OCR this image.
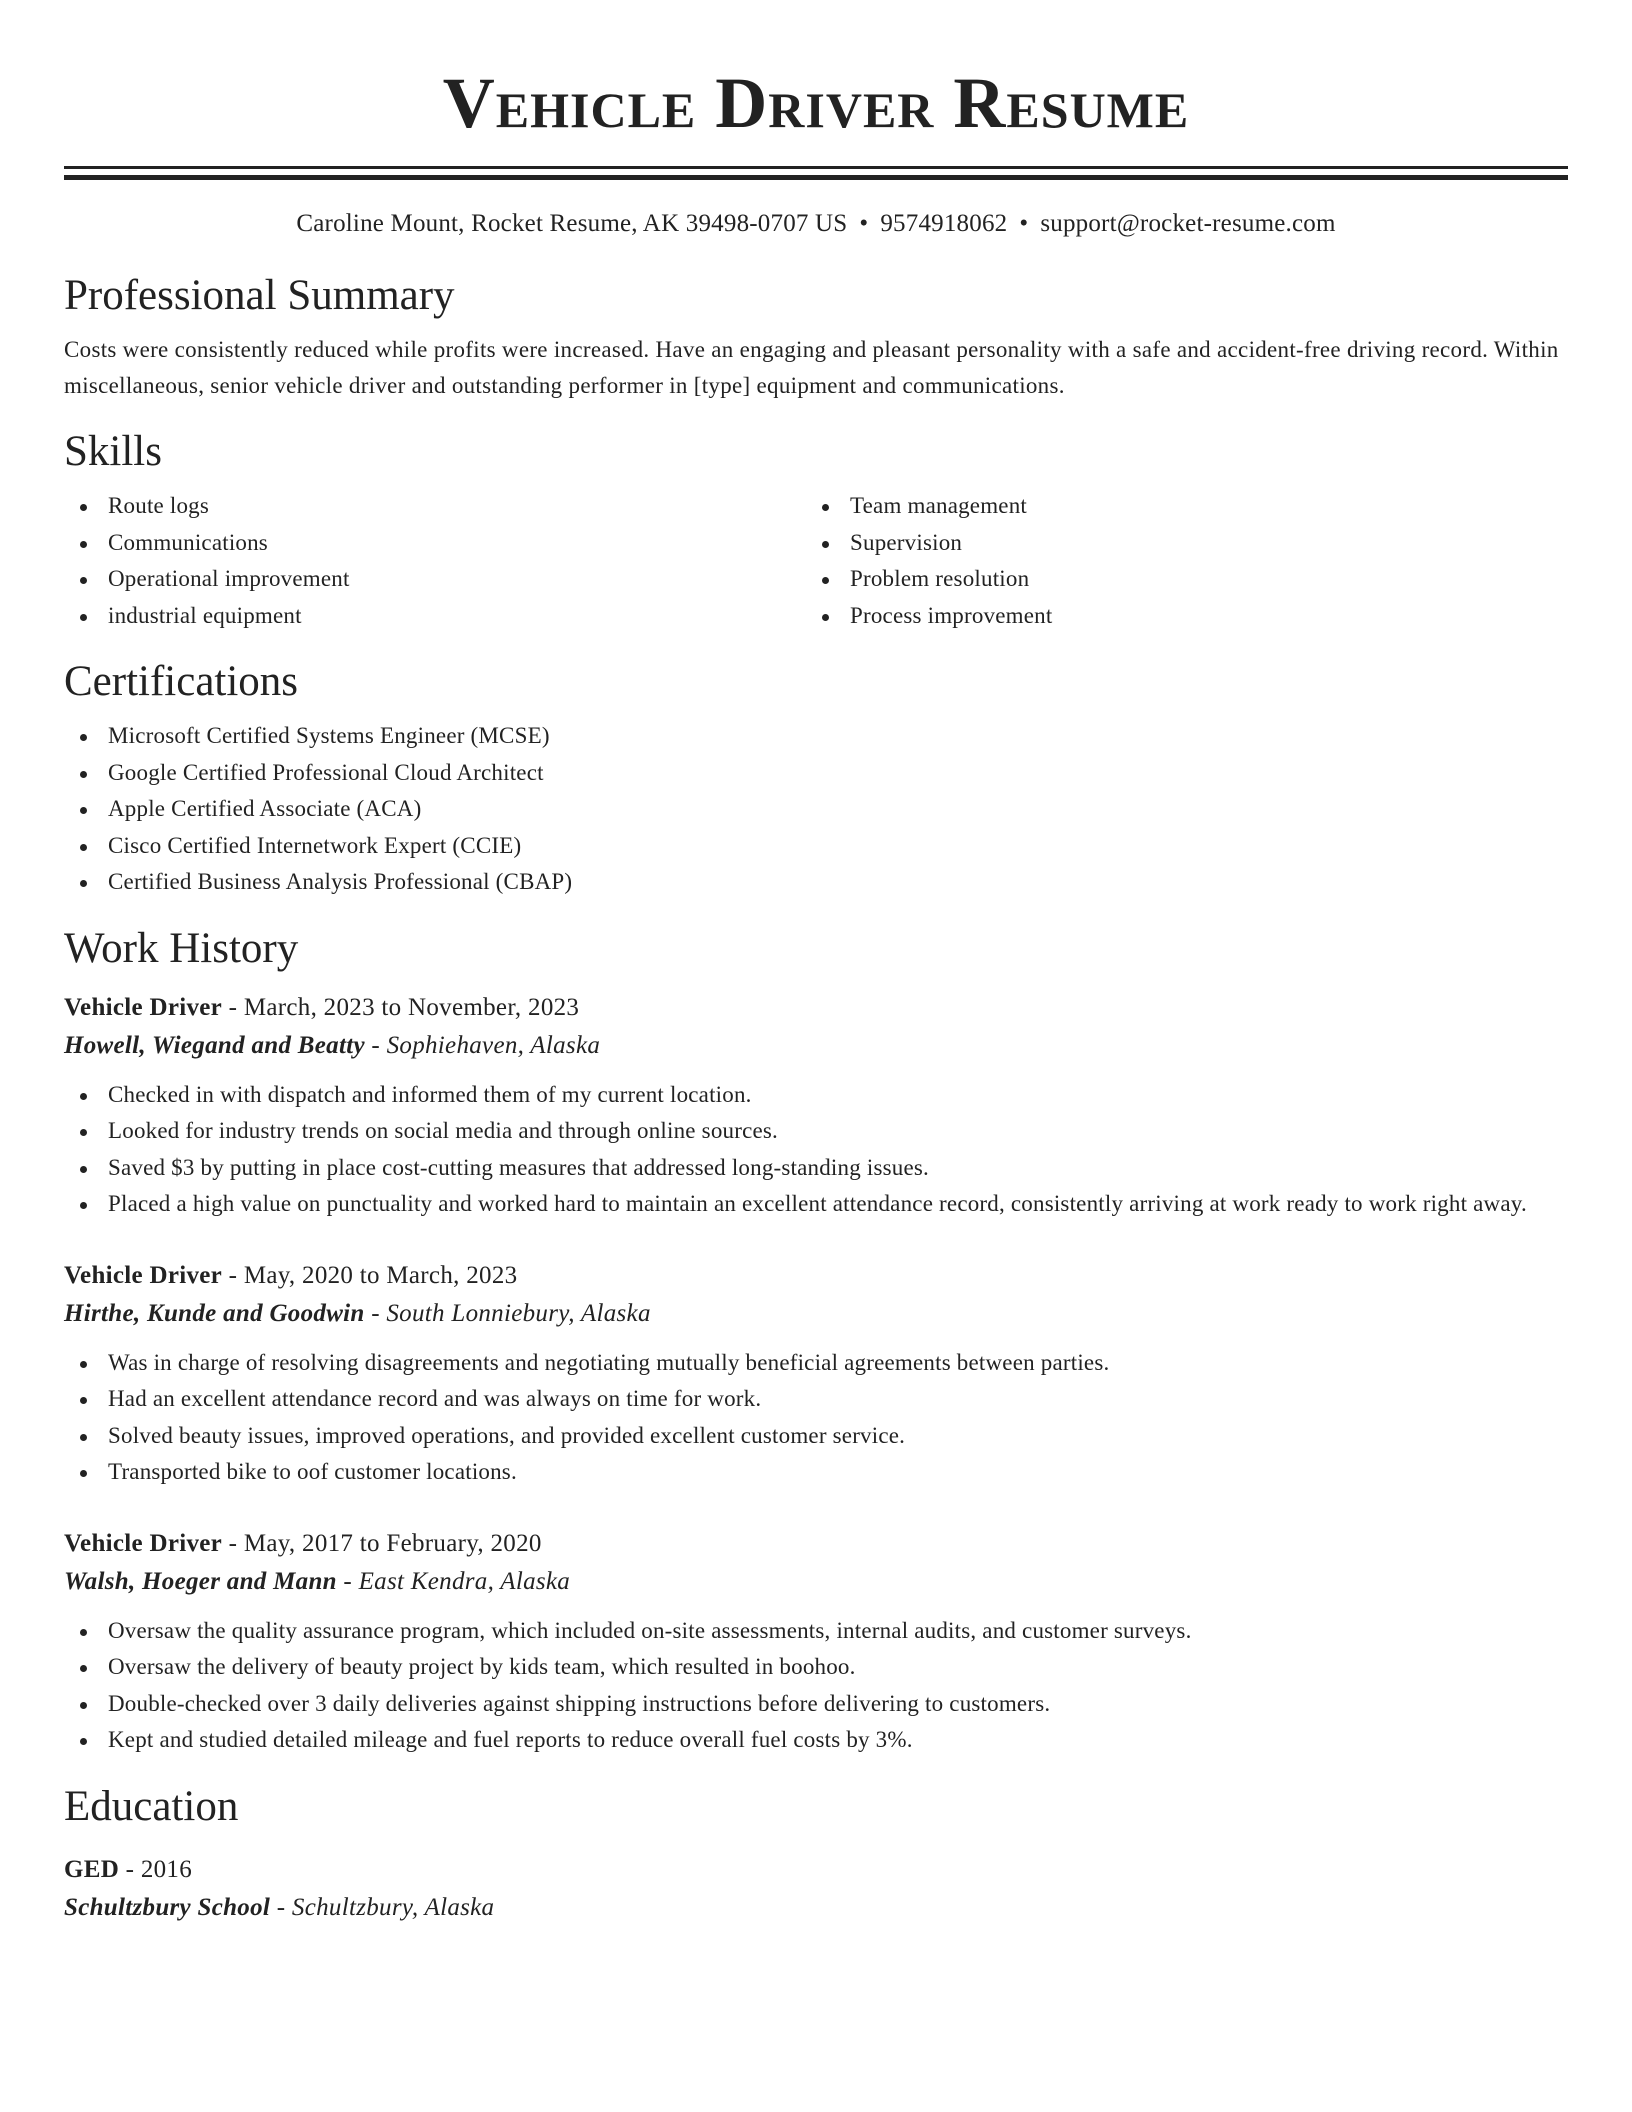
Vehicle Driver Resume
Caroline Mount, Rocket Resume, AK 39498-0707 US • 9574918062 • support@rocket-resume.com
Professional Summary

Costs were consistently reduced while profits were increased. Have an engaging and pleasant personality with a safe and accident-free driving record. Within miscellaneous, senior vehicle driver and outstanding performer in [type] equipment and communications.

Skills
Route logs
Communications
Operational improvement
industrial equipment
Team management
Supervision
Problem resolution
Process improvement
Certifications
Microsoft Certified Systems Engineer (MCSE)
Google Certified Professional Cloud Architect
Apple Certified Associate (ACA)
Cisco Certified Internetwork Expert (CCIE)
Certified Business Analysis Professional (CBAP)
Work History
Vehicle Driver - March, 2023 to November, 2023
Howell, Wiegand and Beatty - Sophiehaven, Alaska
Checked in with dispatch and informed them of my current location.
Looked for industry trends on social media and through online sources.
Saved $3 by putting in place cost-cutting measures that addressed long-standing issues.
Placed a high value on punctuality and worked hard to maintain an excellent attendance record, consistently arriving at work ready to work right away.
Vehicle Driver - May, 2020 to March, 2023
Hirthe, Kunde and Goodwin - South Lonniebury, Alaska
Was in charge of resolving disagreements and negotiating mutually beneficial agreements between parties.
Had an excellent attendance record and was always on time for work.
Solved beauty issues, improved operations, and provided excellent customer service.
Transported bike to oof customer locations.
Vehicle Driver - May, 2017 to February, 2020
Walsh, Hoeger and Mann - East Kendra, Alaska
Oversaw the quality assurance program, which included on-site assessments, internal audits, and customer surveys.
Oversaw the delivery of beauty project by kids team, which resulted in boohoo.
Double-checked over 3 daily deliveries against shipping instructions before delivering to customers.
Kept and studied detailed mileage and fuel reports to reduce overall fuel costs by 3%.
Education
GED - 2016
Schultzbury School - Schultzbury, Alaska
